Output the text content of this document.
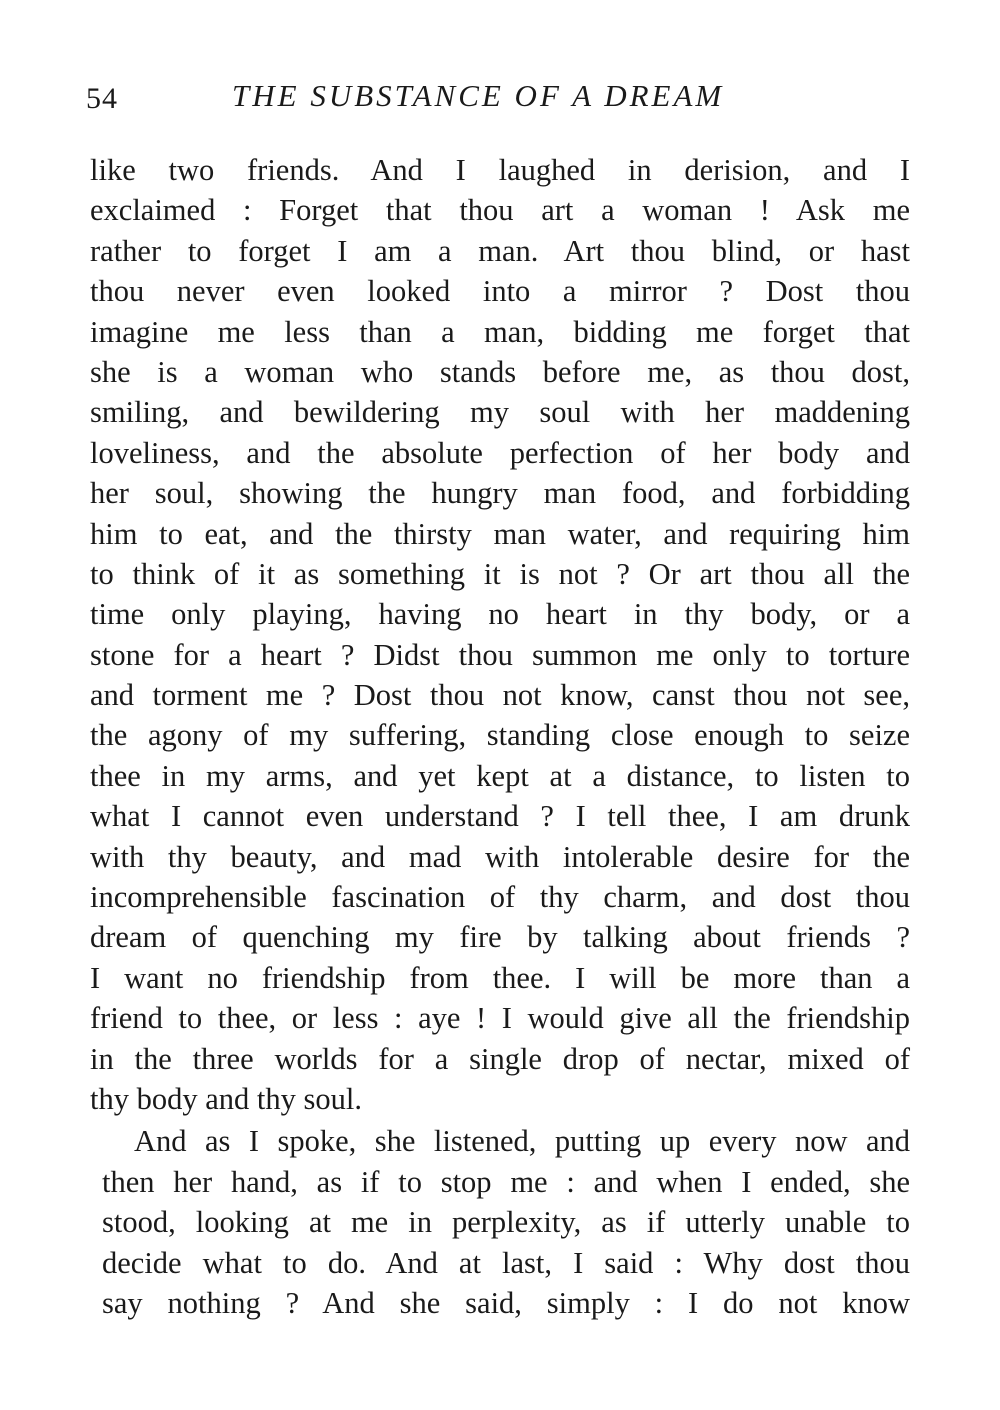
54	THE SUBSTANCE OF A DREAM
like two friends. And I laughed in derision, and I
exclaimed : Forget that thou art a woman ! Ask me
rather to forget I am a man. Art thou blind, or hast
thou never even looked into a mirror ? Dost thou
imagine me less than a man, bidding me forget that
she is a woman who stands before me, as thou dost,
smiling, and bewildering my soul with her maddening
loveliness, and the absolute perfection of her body and
her soul, showing the hungry man food, and forbidding
him to eat, and the thirsty man water, and requiring him
to think of it as something it is not ? Or art thou all the
time only playing, having no heart in thy body, or a
stone for a heart ? Didst thou summon me only to torture
and torment me ? Dost thou not know, canst thou not see,
the agony of my suffering, standing close enough to seize
thee in my arms, and yet kept at a distance, to listen to
what I cannot even understand ? I tell thee, I am drunk
with thy beauty, and mad with intolerable desire for the
incomprehensible fascination of thy charm, and dost thou
dream of quenching my fire by talking about friends ?
I want no friendship from thee. I will be more than a
friend to thee, or less : aye ! I would give all the friendship
in the three worlds for a single drop of nectar, mixed of
thy body and thy soul.
And as I spoke, she listened, putting up every now and
then her hand, as if to stop me : and when I ended, she
stood, looking at me in perplexity, as if utterly unable to
decide what to do. And at last, I said : Why dost thou
say nothing ? And she said, simply : I do not know
